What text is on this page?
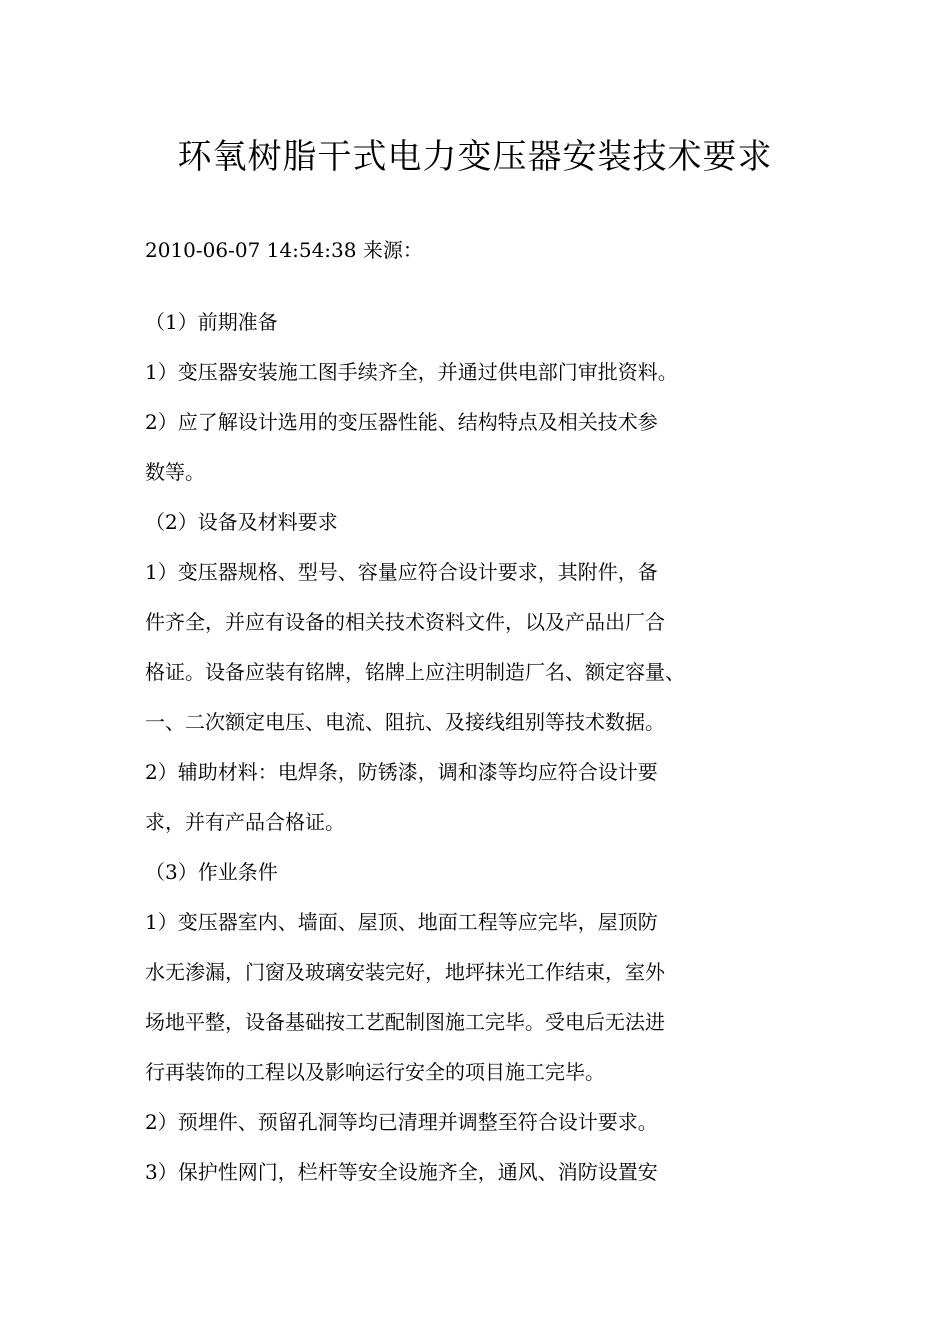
环氧树脂干式电力变压器安装技术要求
2010-06-07 14:54:38 来源：
（1）前期准备
1）变压器安装施工图手续齐全，并通过供电部门审批资料。
2）应了解设计选用的变压器性能、结构特点及相关技术参
数等。
（2）设备及材料要求
1）变压器规格、型号、容量应符合设计要求，其附件，备
件齐全，并应有设备的相关技术资料文件，以及产品出厂合
格证。设备应装有铭牌，铭牌上应注明制造厂名、额定容量、
一、二次额定电压、电流、阻抗、及接线组别等技术数据。
2）辅助材料：电焊条，防锈漆，调和漆等均应符合设计要
求，并有产品合格证。
（3）作业条件
1）变压器室内、墙面、屋顶、地面工程等应完毕，屋顶防
水无渗漏，门窗及玻璃安装完好，地坪抹光工作结束，室外
场地平整，设备基础按工艺配制图施工完毕。受电后无法进
行再装饰的工程以及影响运行安全的项目施工完毕。
2）预埋件、预留孔洞等均已清理并调整至符合设计要求。
3）保护性网门，栏杆等安全设施齐全，通风、消防设置安
